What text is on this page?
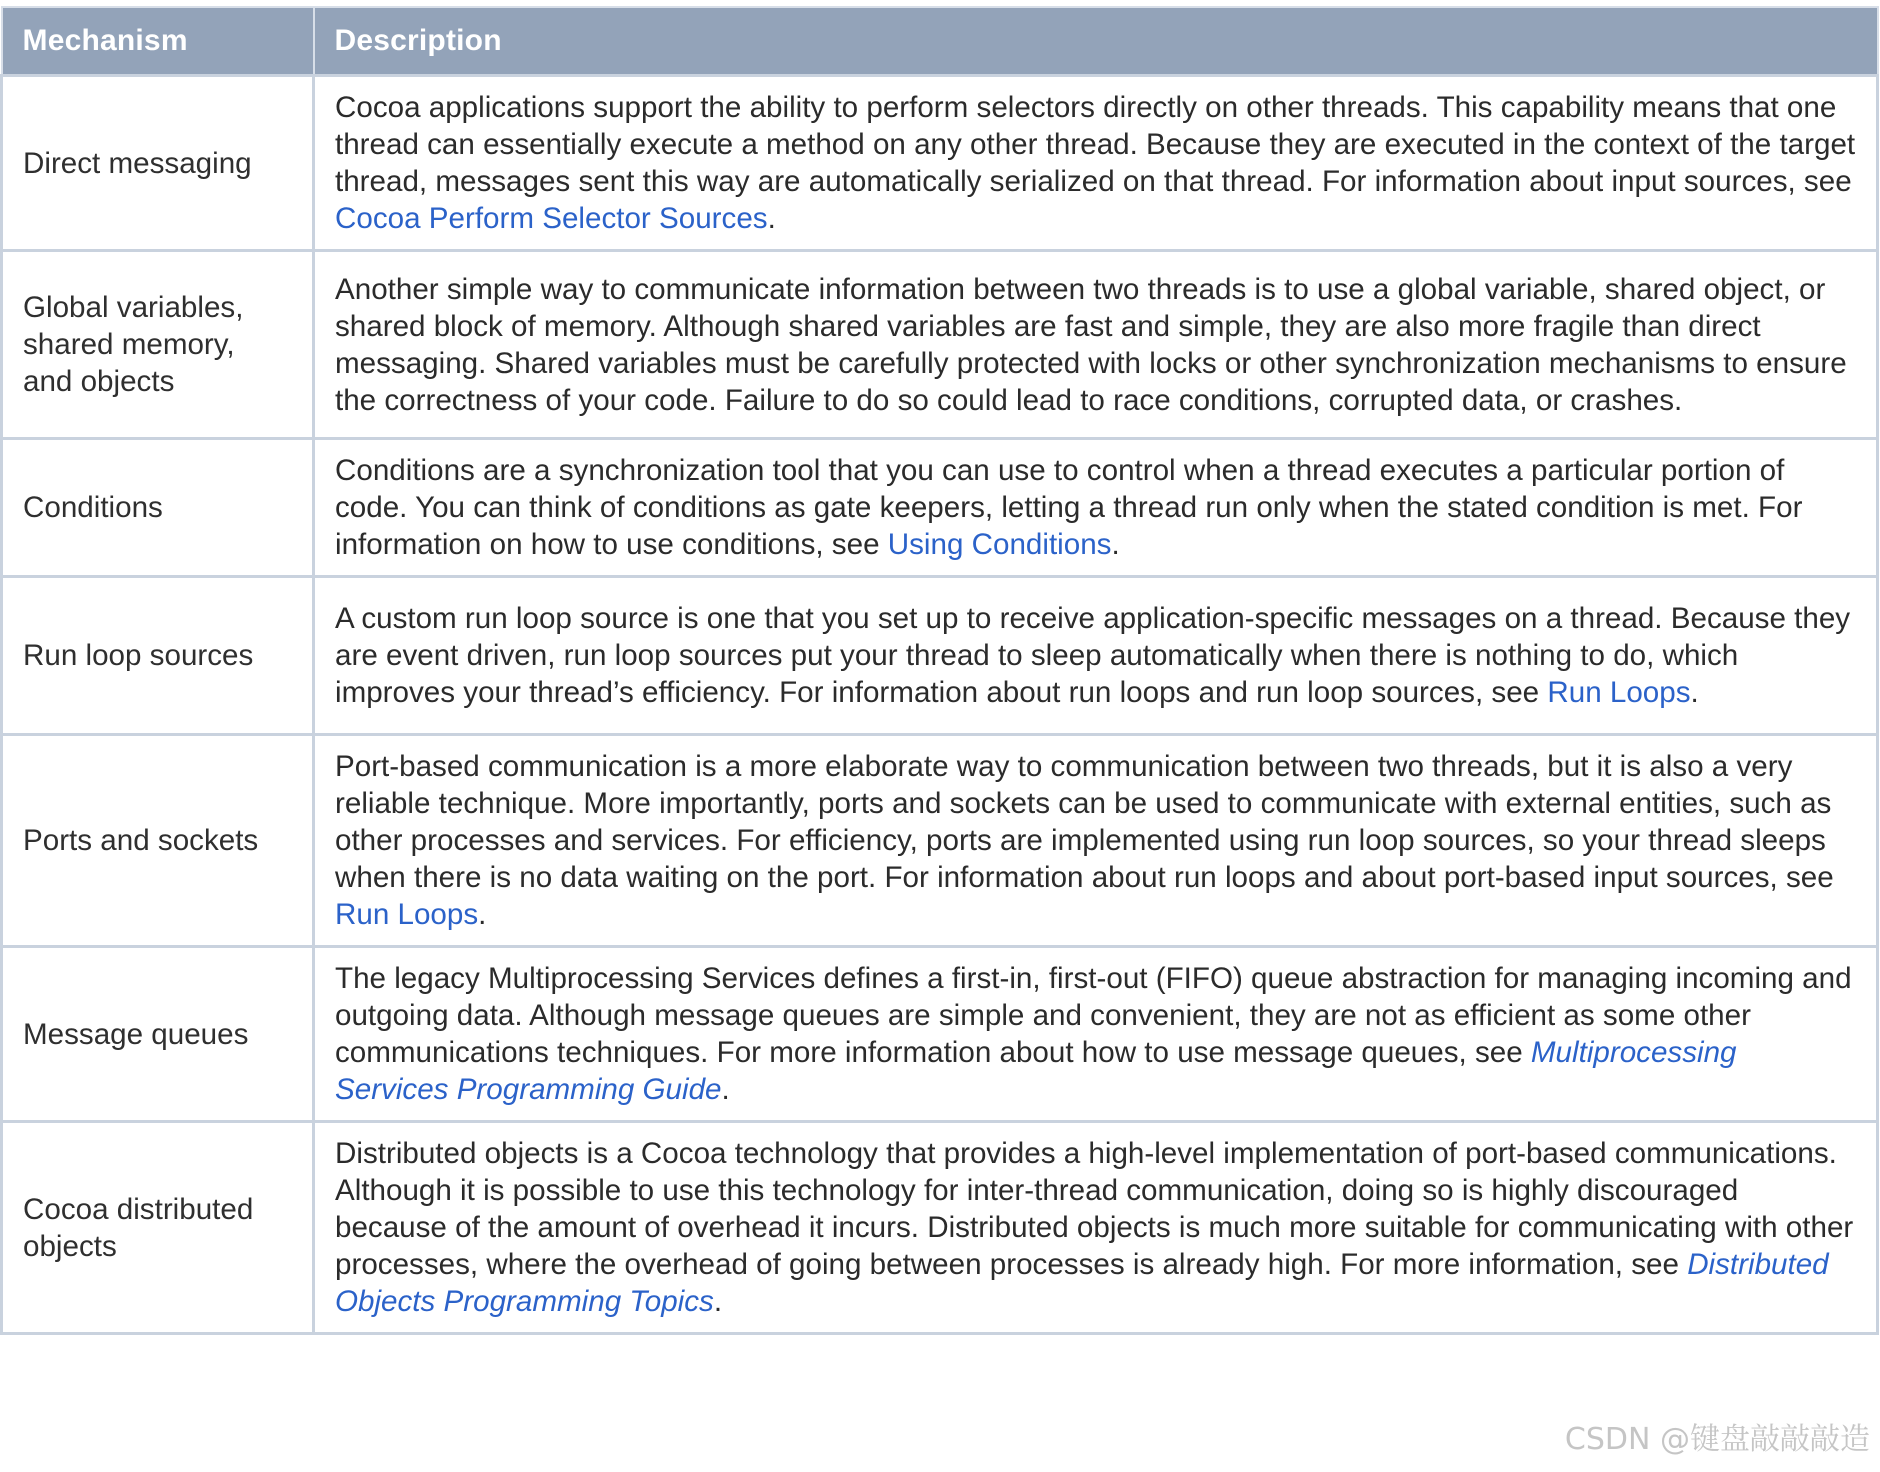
Mechanism	Description
Direct messaging	Cocoa applications support the ability to perform selectors directly on other threads. This capability means that one thread can essentially execute a method on any other thread. Because they are executed in the context of the target thread, messages sent this way are automatically serialized on that thread. For information about input sources, see Cocoa Perform Selector Sources.
Global variables, shared memory, and objects	Another simple way to communicate information between two threads is to use a global variable, shared object, or shared block of memory. Although shared variables are fast and simple, they are also more fragile than direct messaging. Shared variables must be carefully protected with locks or other synchronization mechanisms to ensure the correctness of your code. Failure to do so could lead to race conditions, corrupted data, or crashes.
Conditions	Conditions are a synchronization tool that you can use to control when a thread executes a particular portion of code. You can think of conditions as gate keepers, letting a thread run only when the stated condition is met. For information on how to use conditions, see Using Conditions.
Run loop sources	A custom run loop source is one that you set up to receive application-specific messages on a thread. Because they are event driven, run loop sources put your thread to sleep automatically when there is nothing to do, which improves your thread’s efficiency. For information about run loops and run loop sources, see Run Loops.
Ports and sockets	Port-based communication is a more elaborate way to communication between two threads, but it is also a very reliable technique. More importantly, ports and sockets can be used to communicate with external entities, such as other processes and services. For efficiency, ports are implemented using run loop sources, so your thread sleeps when there is no data waiting on the port. For information about run loops and about port-based input sources, see Run Loops.
Message queues	The legacy Multiprocessing Services defines a first-in, first-out (FIFO) queue abstraction for managing incoming and outgoing data. Although message queues are simple and convenient, they are not as efficient as some other communications techniques. For more information about how to use message queues, see Multiprocessing Services Programming Guide.
Cocoa distributed objects	Distributed objects is a Cocoa technology that provides a high-level implementation of port-based communications. Although it is possible to use this technology for inter-thread communication, doing so is highly discouraged because of the amount of overhead it incurs. Distributed objects is much more suitable for communicating with other processes, where the overhead of going between processes is already high. For more information, see Distributed Objects Programming Topics.
CSDN @键盘敲敲敲造
